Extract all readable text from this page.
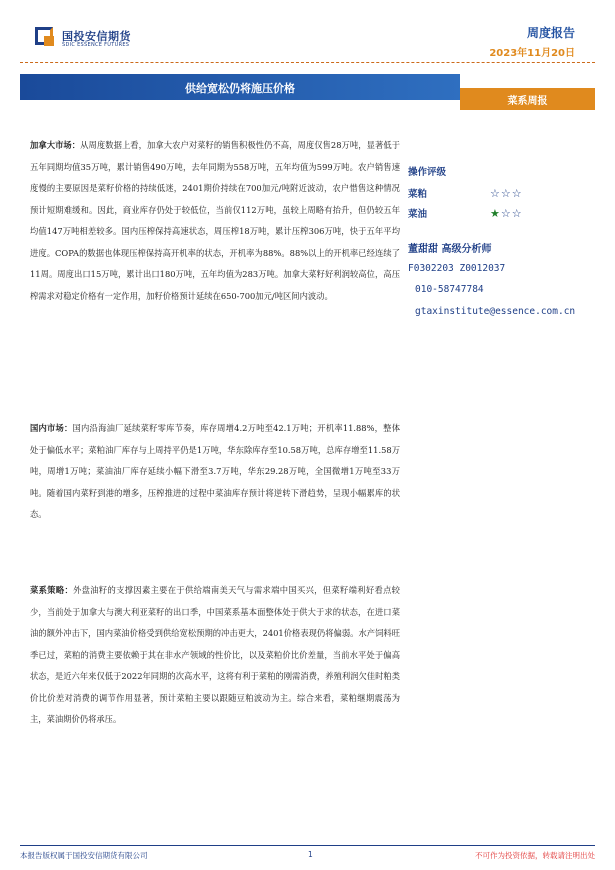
国投安信期货
SDIC ESSENCE FUTURES
周度报告
2023年11月20日
供给宽松仍将施压价格
菜系周报
加拿大市场：从周度数据上看，加拿大农户对菜籽的销售积极性仍不高，周度仅售28万吨，显著低于五年同期均值35万吨，累计销售490万吨，去年同期为558万吨，五年均值为599万吨。农户销售速度慢的主要原因是菜籽价格的持续低迷，2401期价持续在700加元/吨附近波动，农户惜售这种情况预计短期难缓和。因此，商业库存仍处于较低位，当前仅112万吨，虽较上周略有抬升，但仍较五年均值147万吨相差较多。国内压榨保持高速状态，周压榨18万吨，累计压榨306万吨，快于五年平均进度。COPA的数据也体现压榨保持高开机率的状态，开机率为88%。88%以上的开机率已经连续了11周。周度出口15万吨，累计出口180万吨，五年均值为283万吨。加拿大菜籽好利润较高位，高压榨需求对稳定价格有一定作用，加籽价格预计延续在650-700加元/吨区间内波动。
国内市场：国内沿海油厂延续菜籽零库节奏，库存周增4.2万吨至42.1万吨；开机率11.88%，整体处于偏低水平；菜粕油厂库存与上周持平仍是1万吨，华东除库存至10.58万吨，总库存增至11.58万吨，周增1万吨；菜油油厂库存延续小幅下滑至3.7万吨，华东29.28万吨，全国微增1万吨至33万吨。随着国内菜籽到港的增多，压榨推进的过程中菜油库存预计将逆转下滑趋势，呈现小幅累库的状态。
菜系策略：外盘油籽的支撑因素主要在于供给端南美天气与需求端中国买兴，但菜籽端利好看点较少，当前处于加拿大与澳大利亚菜籽的出口季，中国菜系基本面整体处于供大于求的状态，在进口菜油的额外冲击下，国内菜油价格受到供给宽松预期的冲击更大，2401价格表现仍将偏弱。水产饲料旺季已过，菜粕的消费主要依赖于其在非水产领域的性价比，以及菜粕价比价差量，当前水平处于偏高状态，是近六年来仅低于2022年同期的次高水平，这将有利于菜粕的刚需消费，养殖利润欠佳时粕类价比价差对消费的调节作用显著，预计菜粕主要以跟随豆粕波动为主。综合来看，菜粕继期震荡为主，菜油期价仍将承压。
操作评级
菜粕	☆☆☆
菜油	★☆☆
董甜甜 高级分析师
F0302203 Z0012037
010-58747784
gtaxinstitute@essence.com.cn
本报告版权属于国投安信期货有限公司	1	不可作为投资依据，转载请注明出处
